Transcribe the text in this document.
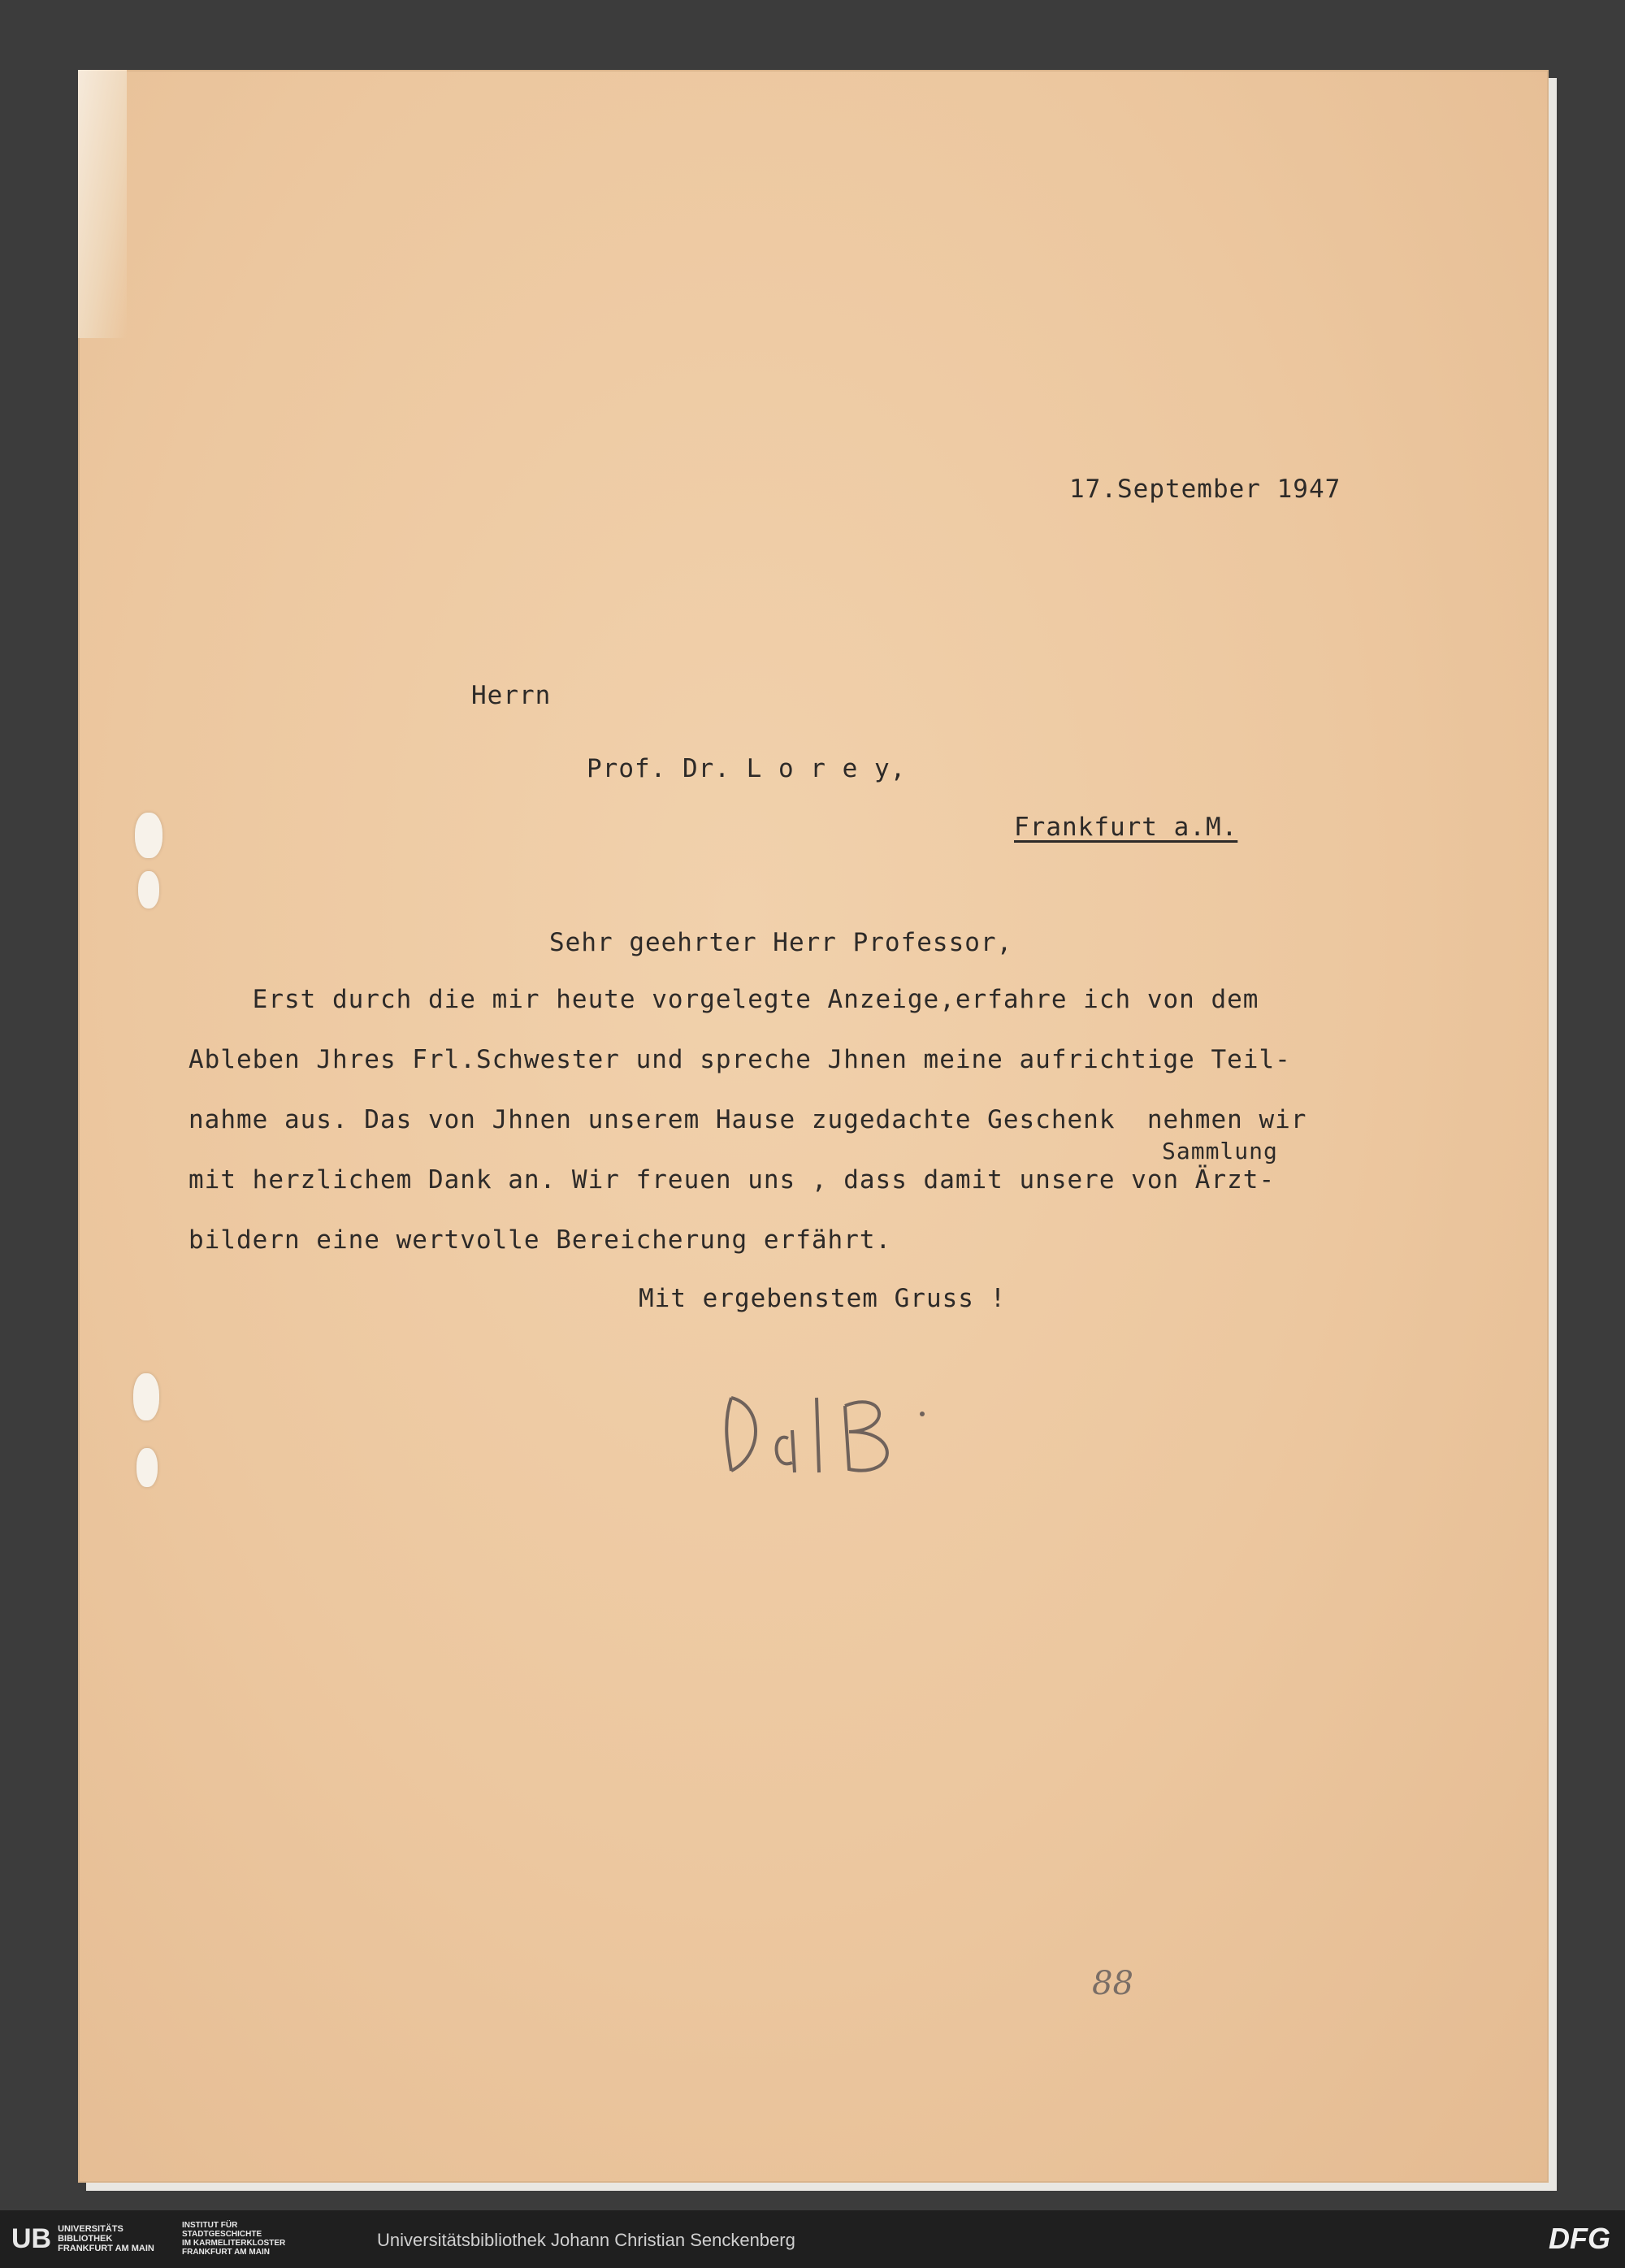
17.September 1947
Herrn
Prof. Dr. L o r e y,
Frankfurt a.M.
Sehr geehrter Herr Professor,
Erst durch die mir heute vorgelegte Anzeige,erfahre ich von dem
Ableben Jhres Frl.Schwester und spreche Jhnen meine aufrichtige Teil-
nahme aus. Das von Jhnen unserem Hause zugedachte Geschenk  nehmen wir
Sammlung
mit herzlichem Dank an. Wir freuen uns , dass damit unsere von Ärzt-
bildern eine wertvolle Bereicherung erfährt.
Mit ergebenstem Gruss !
88
UB UNIVERSITÄTS
BIBLIOTHEK
FRANKFURT AM MAIN
INSTITUT FÜR
STADTGESCHICHTE
IM KARMELITERKLOSTER
FRANKFURT AM MAIN
Universitätsbibliothek Johann Christian Senckenberg	DFG
